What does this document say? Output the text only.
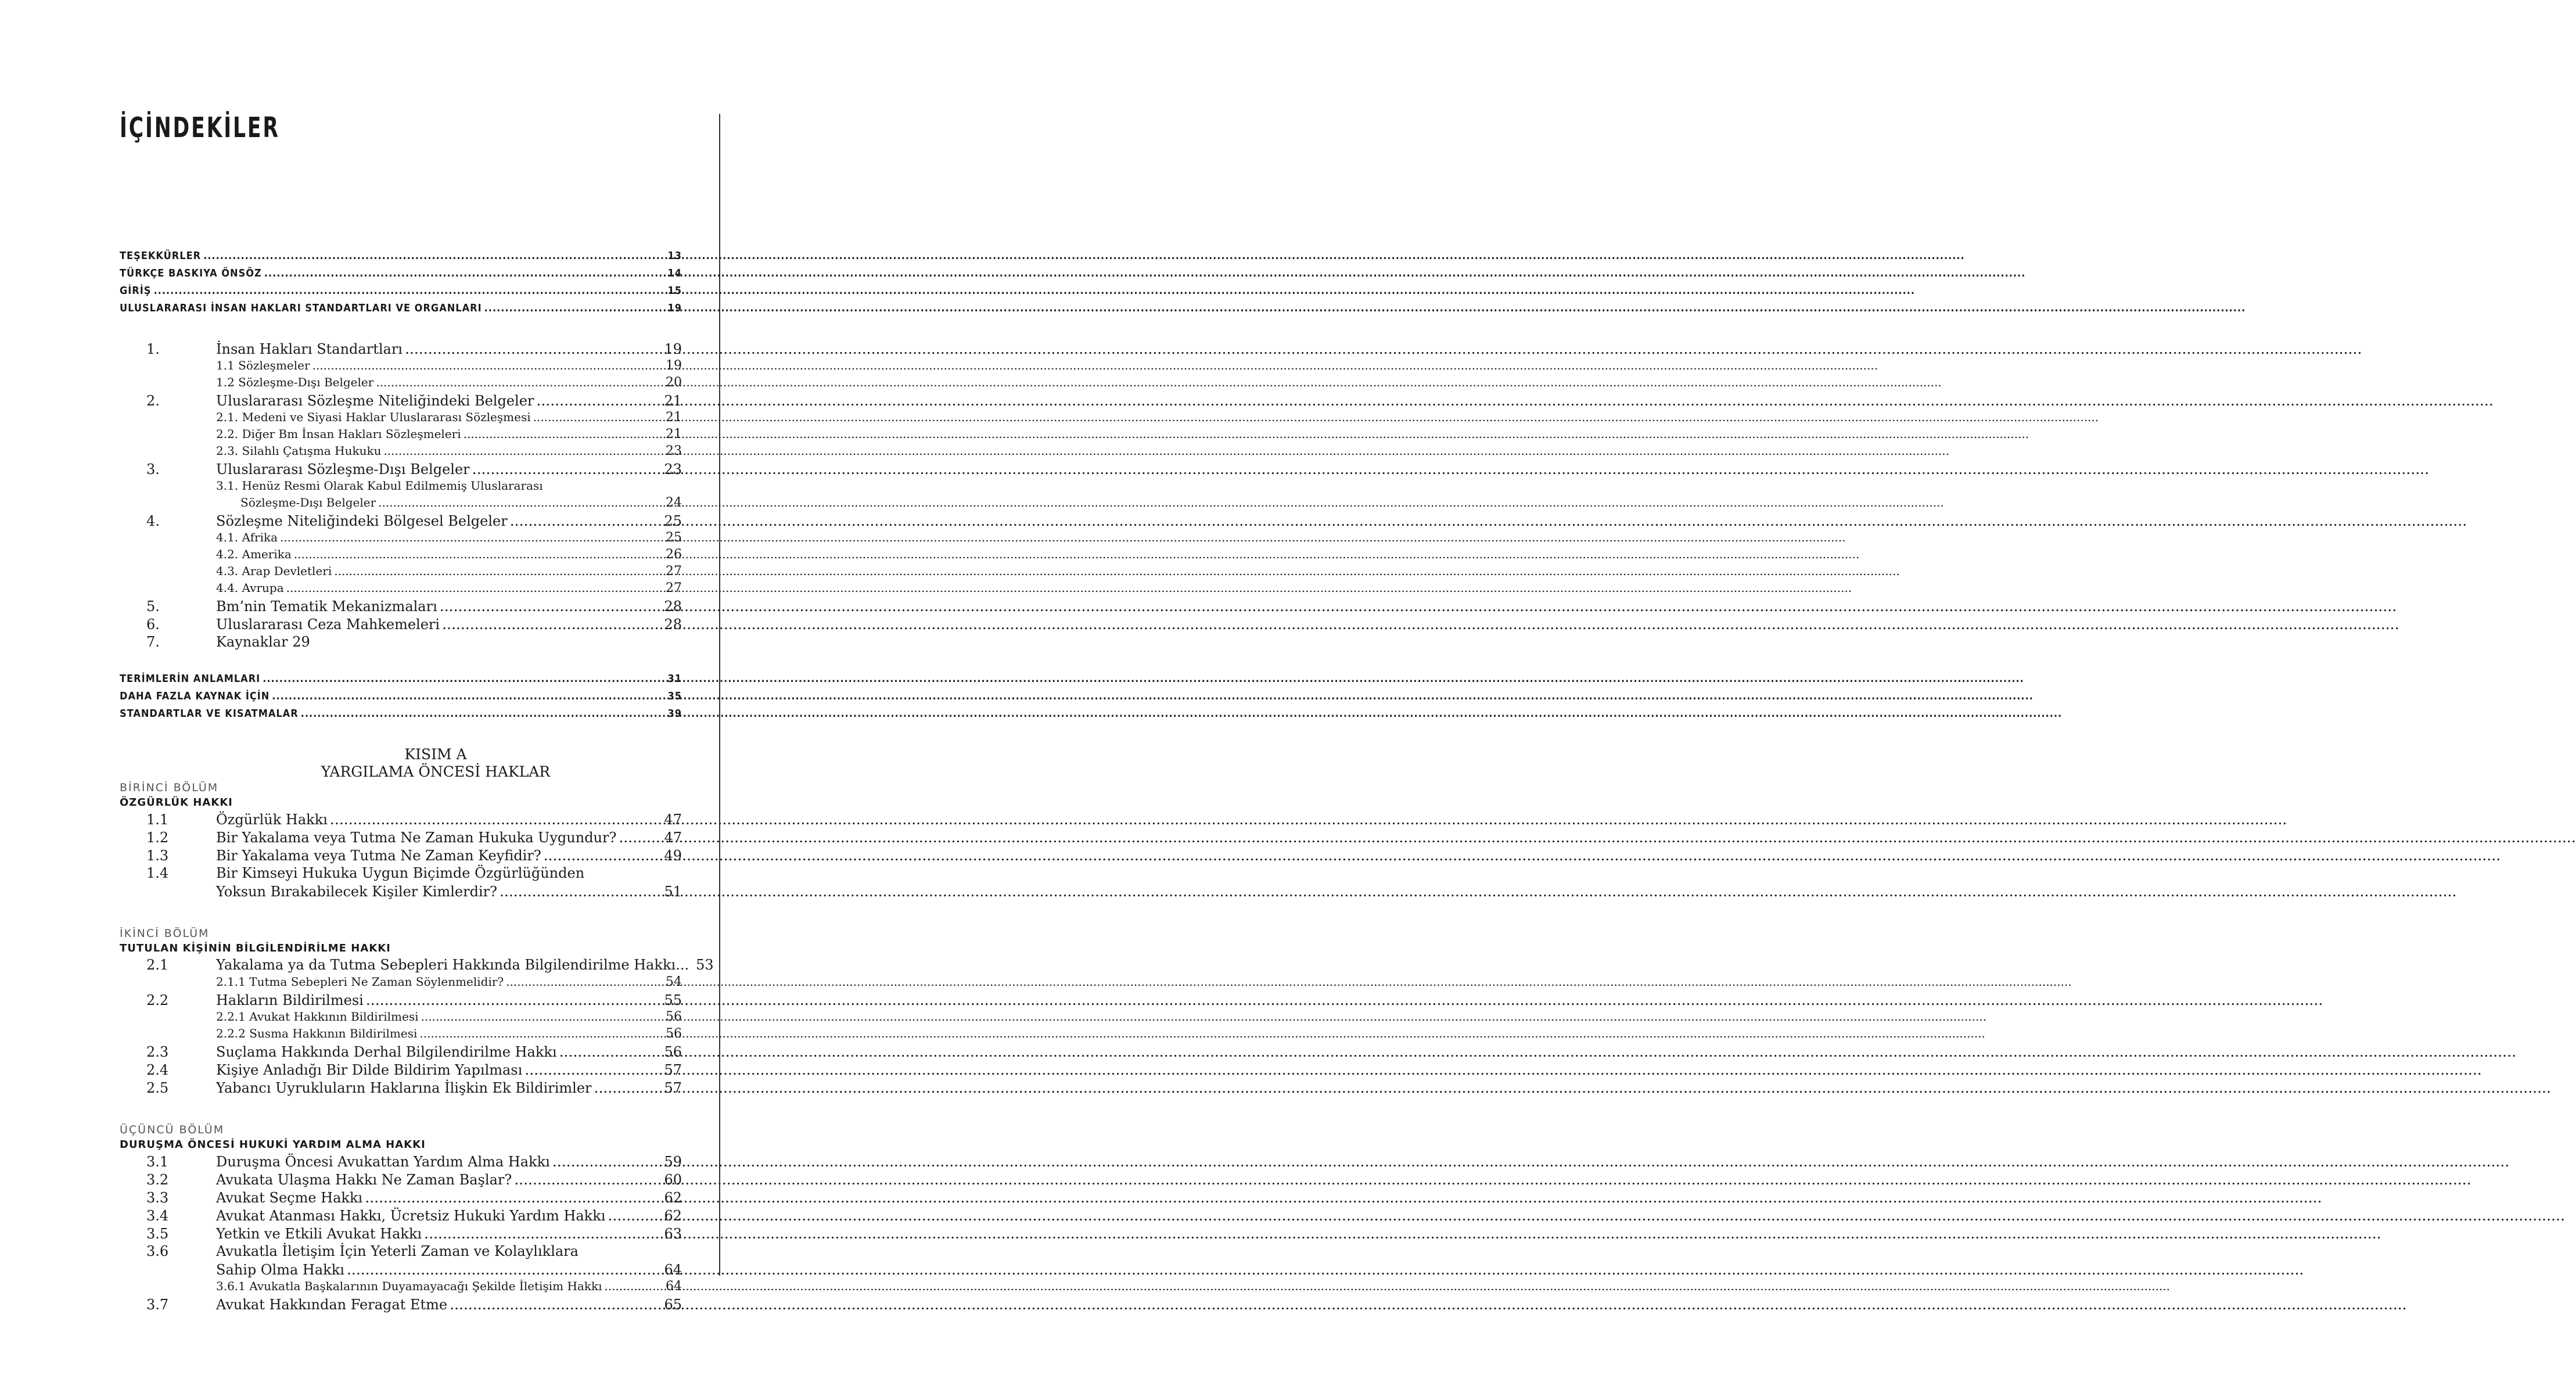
İÇİNDEKİLER
TEŞEKKÜRLER .....	13
TÜRKÇE BASKIYA ÖNSÖZ .....	14
GİRİŞ .....	15
ULUSLARARASI İNSAN HAKLARI STANDARTLARI VE ORGANLARI .....	19
1.	İnsan Hakları Standartları .....	19
1.1 Sözleşmeler .....	19
1.2 Sözleşme-Dışı Belgeler .....	20
2.	Uluslararası Sözleşme Niteliğindeki Belgeler .....	21
2.1. Medeni ve Siyasi Haklar Uluslararası Sözleşmesi .....	21
2.2. Diğer Bm İnsan Hakları Sözleşmeleri .....	21
2.3. Silahlı Çatışma Hukuku .....	23
3.	Uluslararası Sözleşme-Dışı Belgeler .....	23
3.1. Henüz Resmi Olarak Kabul Edilmemiş Uluslararası
Sözleşme-Dışı Belgeler .....	24
4.	Sözleşme Niteliğindeki Bölgesel Belgeler .....	25
4.1. Afrika .....	25
4.2. Amerika .....	26
4.3. Arap Devletleri .....	27
4.4. Avrupa .....	27
5.	Bm’nin Tematik Mekanizmaları .....	28
6.	Uluslararası Ceza Mahkemeleri .....	28
7.	Kaynaklar 29
TERİMLERİN ANLAMLARI .....	31
DAHA FAZLA KAYNAK İÇİN .....	35
STANDARTLAR VE KISATMALAR .....	39
KISIM A
YARGILAMA ÖNCESİ HAKLAR
BİRİNCİ BÖLÜM
ÖZGÜRLÜK HAKKI
1.1	Özgürlük Hakkı .....	47
1.2	Bir Yakalama veya Tutma Ne Zaman Hukuka Uygundur? .....	47
1.3	Bir Yakalama veya Tutma Ne Zaman Keyfidir? .....	49
1.4	Bir Kimseyi Hukuka Uygun Biçimde Özgürlüğünden
Yoksun Bırakabilecek Kişiler Kimlerdir? .....	51
İKİNCİ BÖLÜM
TUTULAN KİŞİNİN BİLGİLENDİRİLME HAKKI
2.1	Yakalama ya da Tutma Sebepleri Hakkında Bilgilendirilme Hakkı... 53
2.1.1 Tutma Sebepleri Ne Zaman Söylenmelidir? .....	54
2.2	Hakların Bildirilmesi .....	55
2.2.1 Avukat Hakkının Bildirilmesi .....	56
2.2.2 Susma Hakkının Bildirilmesi .....	56
2.3	Suçlama Hakkında Derhal Bilgilendirilme Hakkı .....	56
2.4	Kişiye Anladığı Bir Dilde Bildirim Yapılması .....	57
2.5	Yabancı Uyrukluların Haklarına İlişkin Ek Bildirimler .....	57
ÜÇÜNCÜ BÖLÜM
DURUŞMA ÖNCESİ HUKUKİ YARDIM ALMA HAKKI
3.1	Duruşma Öncesi Avukattan Yardım Alma Hakkı .....	59
3.2	Avukata Ulaşma Hakkı Ne Zaman Başlar? .....	60
3.3	Avukat Seçme Hakkı .....	62
3.4	Avukat Atanması Hakkı, Ücretsiz Hukuki Yardım Hakkı .....	62
3.5	Yetkin ve Etkili Avukat Hakkı .....	63
3.6	Avukatla İletişim İçin Yeterli Zaman ve Kolaylıklara
Sahip Olma Hakkı .....	64
3.6.1 Avukatla Başkalarının Duyamayacağı Şekilde İletişim Hakkı .....	64
3.7	Avukat Hakkından Feragat Etme .....	65
